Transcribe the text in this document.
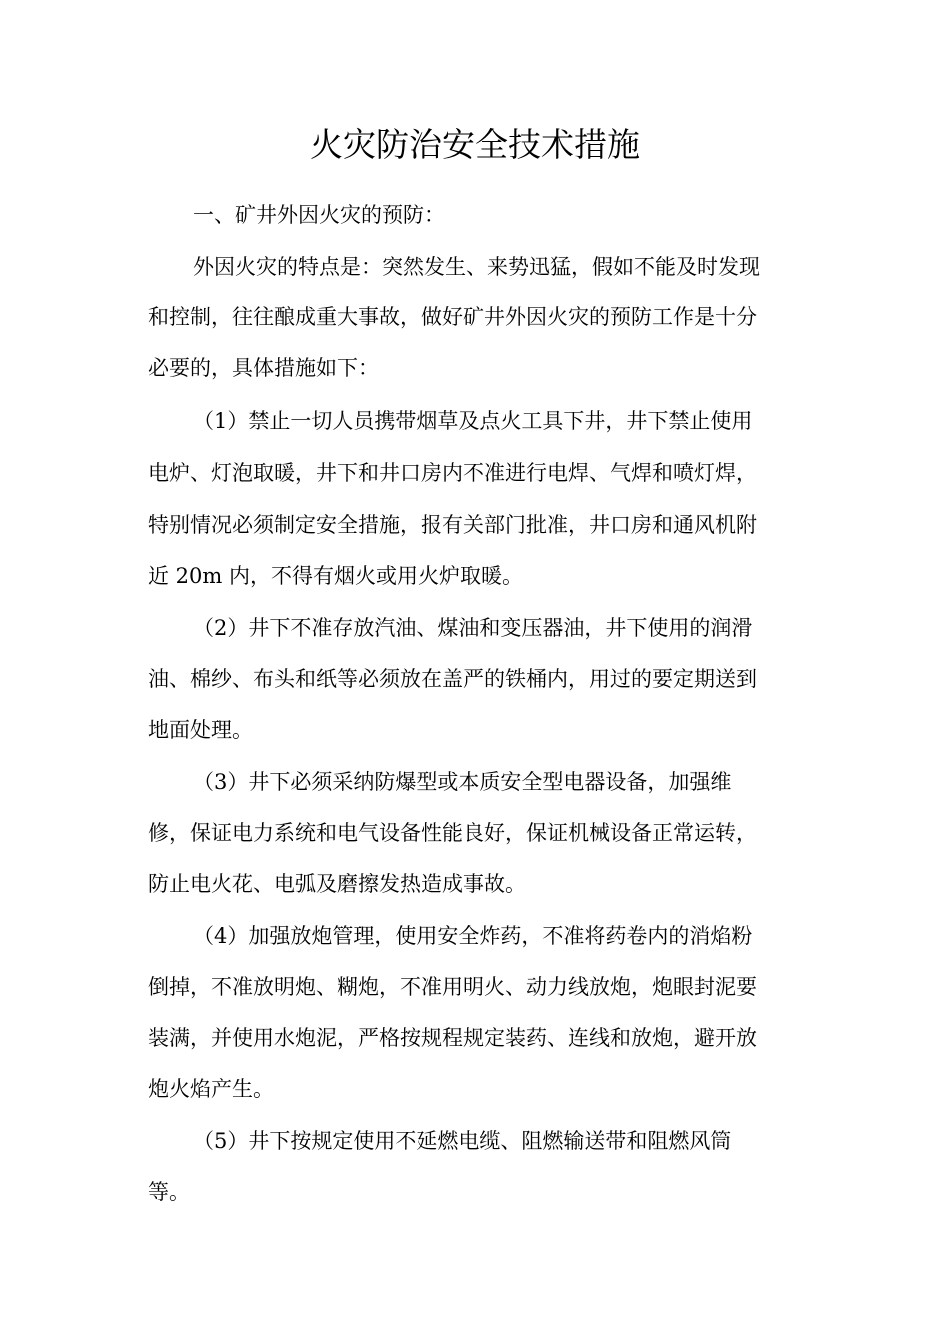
火灾防治安全技术措施
一、矿井外因火灾的预防：
外因火灾的特点是：突然发生、来势迅猛，假如不能及时发现
和控制，往往酿成重大事故，做好矿井外因火灾的预防工作是十分
必要的，具体措施如下：
（1）禁止一切人员携带烟草及点火工具下井，井下禁止使用
电炉、灯泡取暖，井下和井口房内不准进行电焊、气焊和喷灯焊，
特别情况必须制定安全措施，报有关部门批准，井口房和通风机附
近 20m 内，不得有烟火或用火炉取暖。
（2）井下不准存放汽油、煤油和变压器油，井下使用的润滑
油、棉纱、布头和纸等必须放在盖严的铁桶内，用过的要定期送到
地面处理。
（3）井下必须采纳防爆型或本质安全型电器设备，加强维
修，保证电力系统和电气设备性能良好，保证机械设备正常运转，
防止电火花、电弧及磨擦发热造成事故。
（4）加强放炮管理，使用安全炸药，不准将药卷内的消焰粉
倒掉，不准放明炮、糊炮，不准用明火、动力线放炮，炮眼封泥要
装满，并使用水炮泥，严格按规程规定装药、连线和放炮，避开放
炮火焰产生。
（5）井下按规定使用不延燃电缆、阻燃输送带和阻燃风筒
等。
